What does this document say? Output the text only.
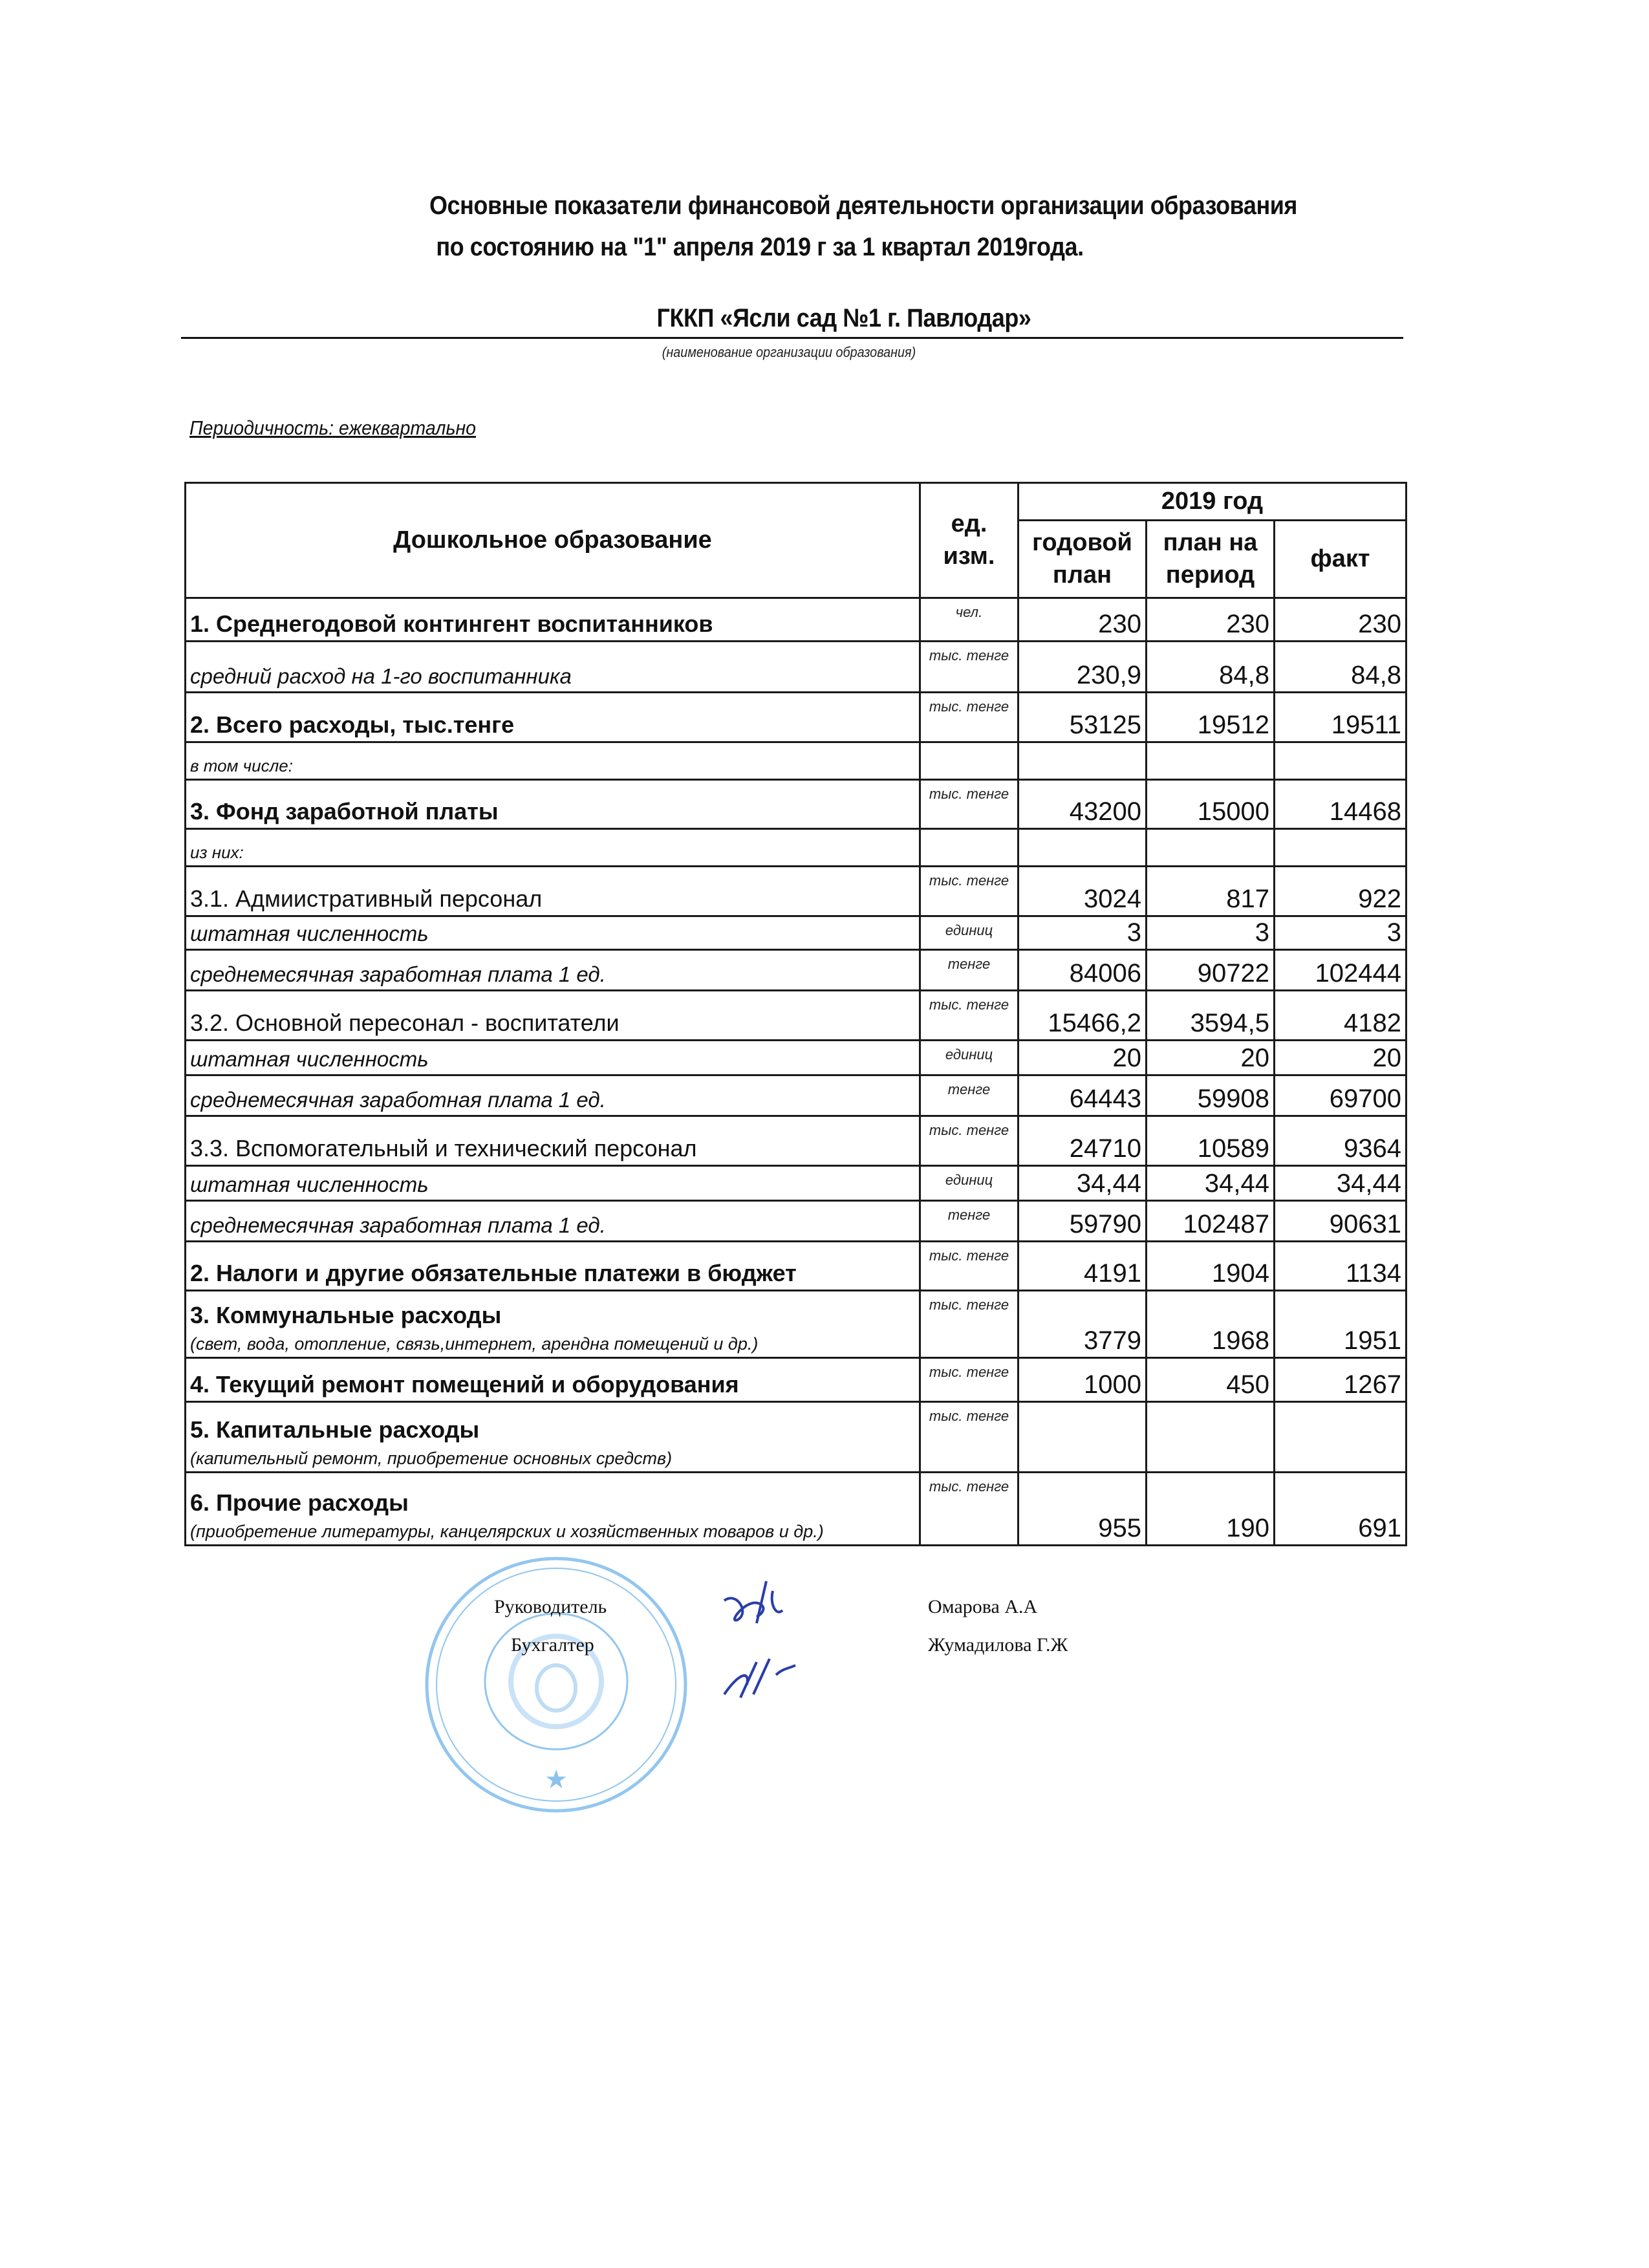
Основные показатели финансовой деятельности организации образования
по состоянию на "1" апреля 2019 г за 1 квартал 2019года.
ГККП «Ясли сад №1 г. Павлодар»
(наименование организации образования)
Периодичность: ежеквартально
Дошкольное образование	ед. изм.	2019 год		
		годовой план	план на период	факт
1. Среднегодовой контингент воспитанников	чел.	230	230	230
средний расход на 1-го воспитанника	тыс. тенге	230,9	84,8	84,8
2. Всего расходы, тыс.тенге	тыс. тенге	53125	19512	19511
в том числе:				
3. Фонд заработной платы	тыс. тенге	43200	15000	14468
из них:				
3.1. Адмиистративный персонал	тыс. тенге	3024	817	922
штатная численность	единиц	3	3	3
среднемесячная заработная плата 1 ед.	тенге	84006	90722	102444
3.2. Основной пересонал - воспитатели	тыс. тенге	15466,2	3594,5	4182
штатная численность	единиц	20	20	20
среднемесячная заработная плата 1 ед.	тенге	64443	59908	69700
3.3. Вспомогательный и технический персонал	тыс. тенге	24710	10589	9364
штатная численность	единиц	34,44	34,44	34,44
среднемесячная заработная плата 1 ед.	тенге	59790	102487	90631
2. Налоги и другие обязательные платежи в бюджет	тыс. тенге	4191	1904	1134
3. Коммунальные расходы
(свет, вода, отопление, связь,интернет, арендна помещений и др.)	тыс. тенге	3779	1968	1951
4. Текущий ремонт помещений и оборудования	тыс. тенге	1000	450	1267
5. Капитальные расходы
(капительный ремонт, приобретение основных средств)	тыс. тенге			
6. Прочие расходы
(приобретение литературы, канцелярских и хозяйственных товаров и др.)	тыс. тенге	955	190	691
★
Руководитель
Бухгалтер
Омарова А.А
Жумадилова Г.Ж
